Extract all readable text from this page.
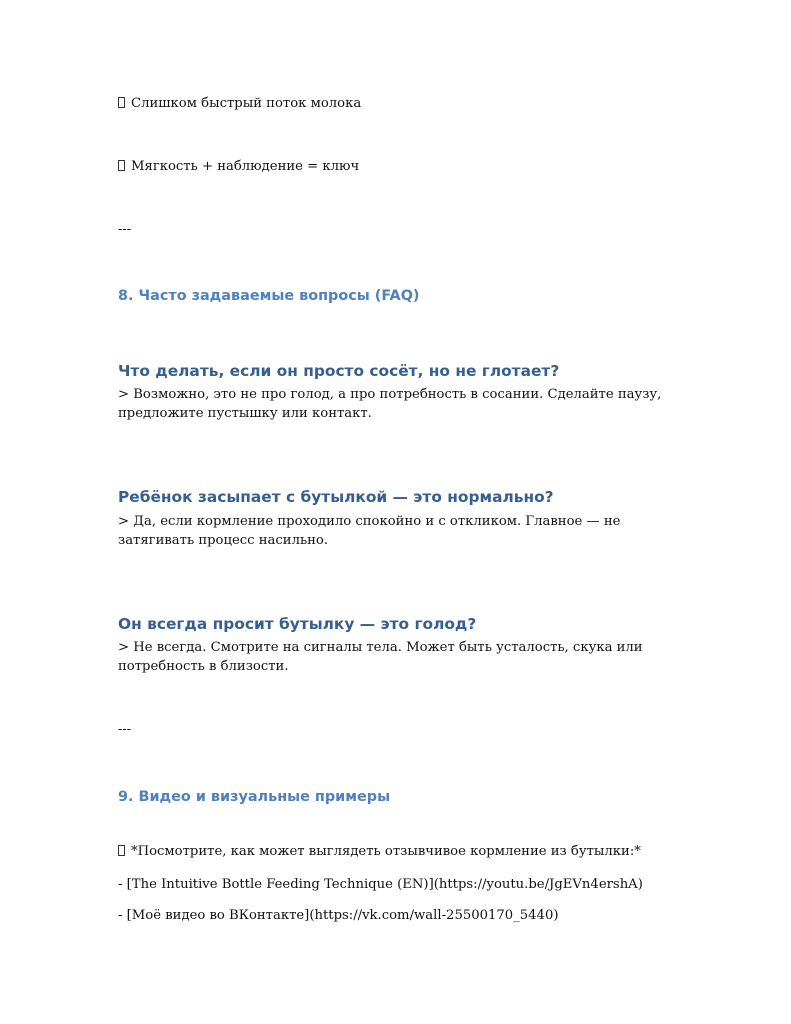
Слишком быстрый поток молока
Мягкость + наблюдение = ключ
---
8. Часто задаваемые вопросы (FAQ)
Что делать, если он просто сосёт, но не глотает?
> Возможно, это не про голод, а про потребность в сосании. Сделайте паузу, предложите пустышку или контакт.
Ребёнок засыпает с бутылкой — это нормально?
> Да, если кормление проходило спокойно и с откликом. Главное — не затягивать процесс насильно.
Он всегда просит бутылку — это голод?
> Не всегда. Смотрите на сигналы тела. Может быть усталость, скука или потребность в близости.
---
9. Видео и визуальные примеры
*Посмотрите, как может выглядеть отзывчивое кормление из бутылки:*
- [The Intuitive Bottle Feeding Technique (EN)](https://youtu.be/JgEVn4ershA)
- [Моё видео во ВКонтакте](https://vk.com/wall-25500170_5440)
